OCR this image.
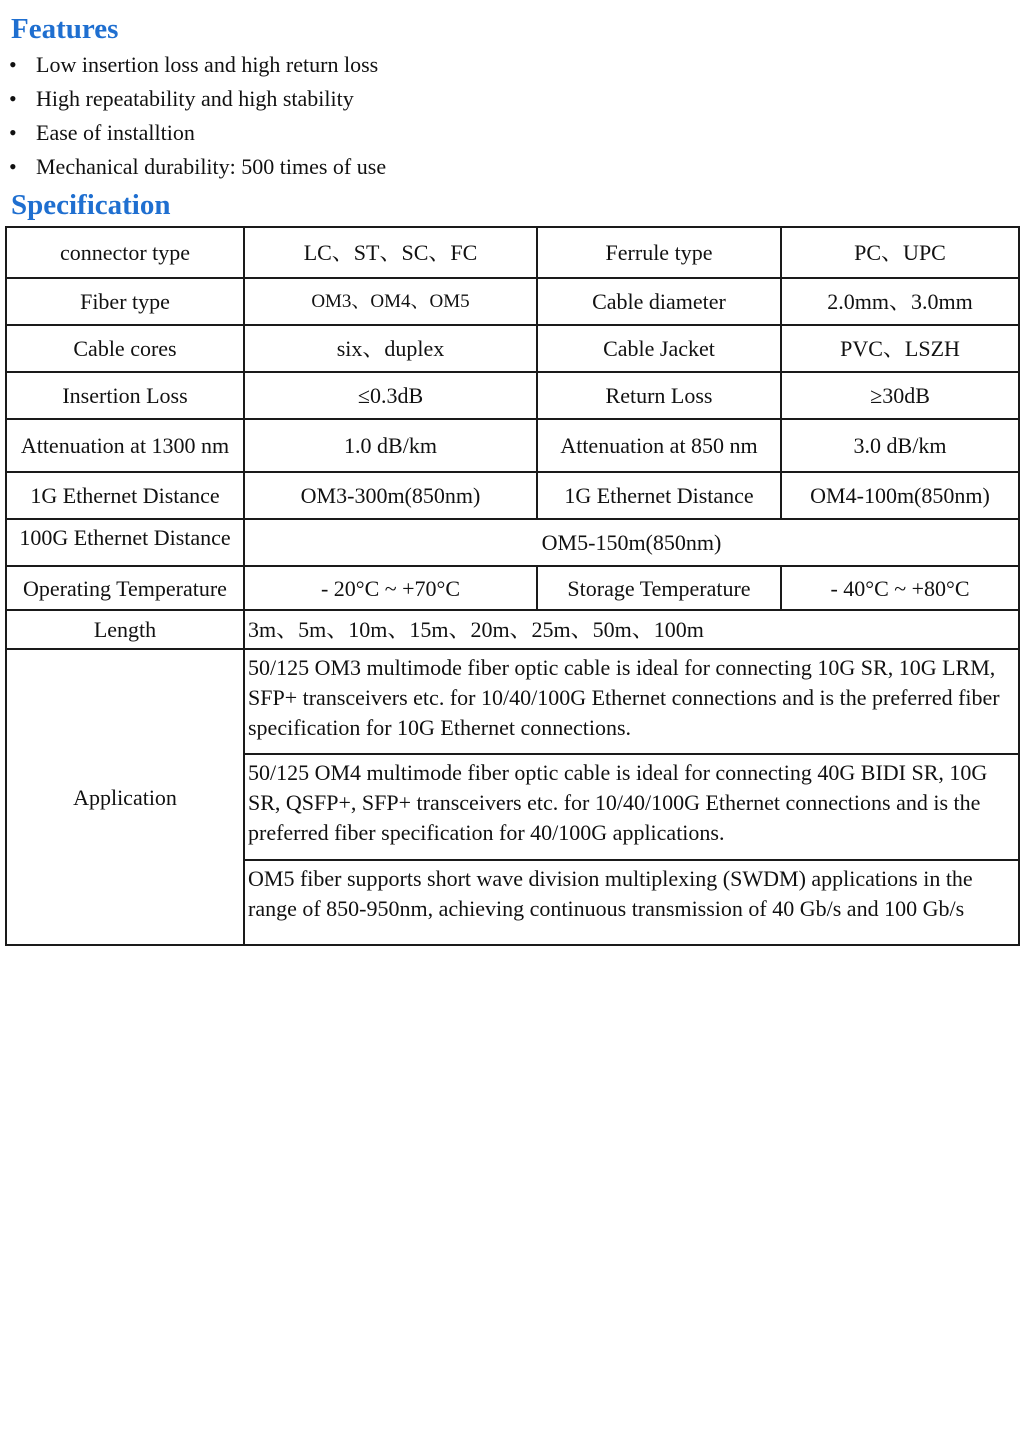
Features
• Low insertion loss and high return loss
• High repeatability and high stability
• Ease of installtion
• Mechanical durability: 500 times of use
Specification
connector type	LC、ST、SC、FC	Ferrule type	PC、UPC
Fiber type	OM3、OM4、OM5	Cable diameter	2.0mm、3.0mm
Cable cores	six、duplex	Cable Jacket	PVC、LSZH
Insertion Loss	≤0.3dB	Return Loss	≥30dB
Attenuation at 1300 nm	1.0 dB/km	Attenuation at 850 nm	3.0 dB/km
1G Ethernet Distance	OM3-300m(850nm)	1G Ethernet Distance	OM4-100m(850nm)

100G Ethernet Distance	OM5-150m(850nm)		
Operating Temperature	- 20°C ~ +70°C	Storage Temperature	- 40°C ~ +80°C
Length	3m、5m、10m、15m、20m、25m、50m、100m		
Application	50/125 OM3 multimode fiber optic cable is ideal for connecting 10G SR, 10G LRM, SFP+ transceivers etc. for 10/40/100G Ethernet connections and is the preferred fiber specification for 10G Ethernet connections.		
	50/125 OM4 multimode fiber optic cable is ideal for connecting 40G BIDI SR, 10G SR, QSFP+, SFP+ transceivers etc. for 10/40/100G Ethernet connections and is the preferred fiber specification for 40/100G applications.		
	OM5 fiber supports short wave division multiplexing (SWDM) applications in the range of 850-950nm, achieving continuous transmission of 40 Gb/s and 100 Gb/s		
